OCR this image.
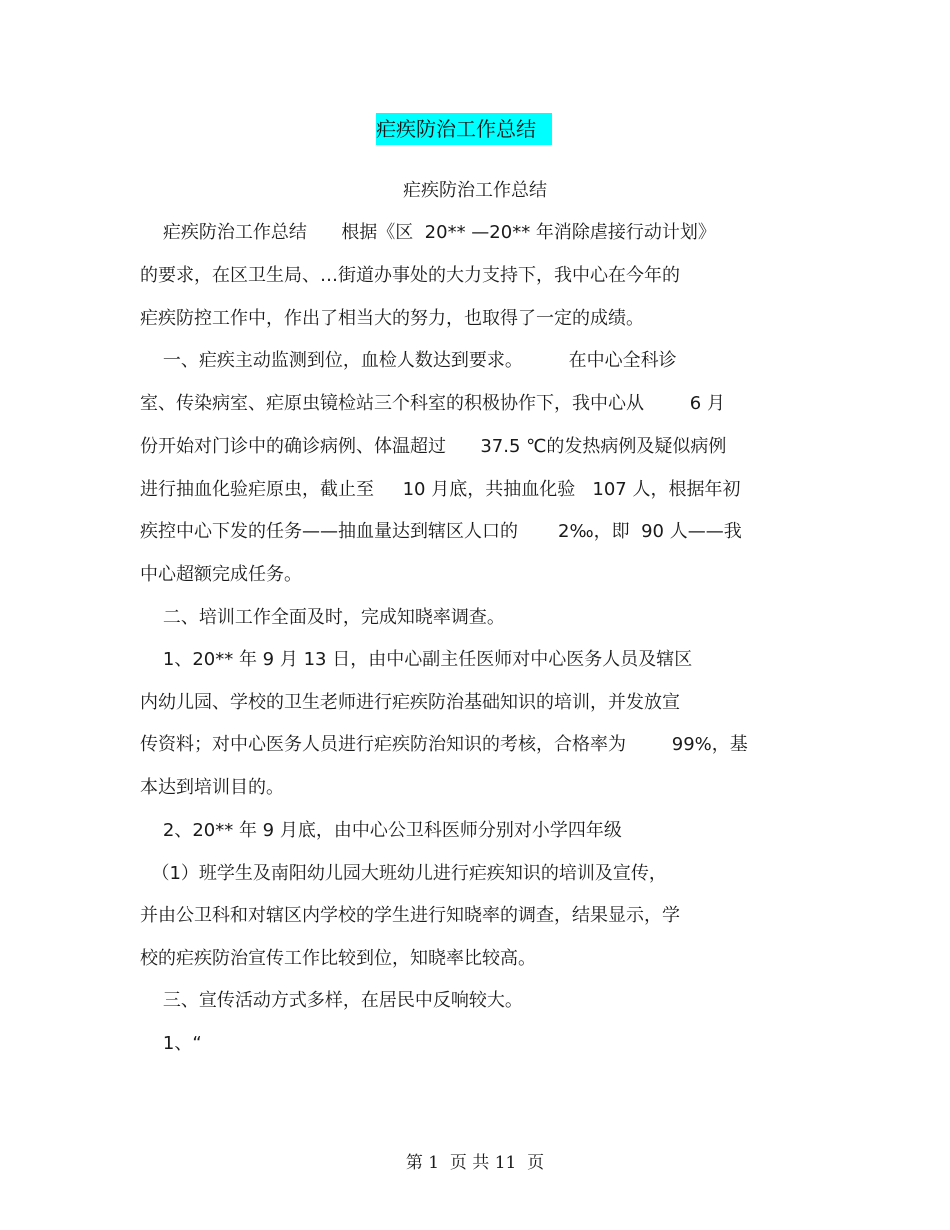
疟疾防治工作总结
疟疾防治工作总结
疟疾防治工作总结      根据《区  20** —20** 年消除虐接行动计划》
的要求，在区卫生局、…街道办事处的大力支持下，我中心在今年的
疟疾防控工作中，作出了相当大的努力，也取得了一定的成绩。
一、疟疾主动监测到位，血检人数达到要求。        在中心全科诊
室、传染病室、疟原虫镜检站三个科室的积极协作下，我中心从        6 月
份开始对门诊中的确诊病例、体温超过      37.5 ℃的发热病例及疑似病例
进行抽血化验疟原虫，截止至     10 月底，共抽血化验   107 人，根据年初
疾控中心下发的任务——抽血量达到辖区人口的       2‰，即  90 人——我
中心超额完成任务。
二、培训工作全面及时，完成知晓率调查。
1、20** 年 9 月 13 日，由中心副主任医师对中心医务人员及辖区
内幼儿园、学校的卫生老师进行疟疾防治基础知识的培训，并发放宣
传资料；对中心医务人员进行疟疾防治知识的考核，合格率为        99%，基
本达到培训目的。
2、20** 年 9 月底，由中心公卫科医师分别对小学四年级
（1）班学生及南阳幼儿园大班幼儿进行疟疾知识的培训及宣传，
并由公卫科和对辖区内学校的学生进行知晓率的调查，结果显示，学
校的疟疾防治宣传工作比较到位，知晓率比较高。
三、宣传活动方式多样，在居民中反响较大。
1、“
第 1  页 共 11  页
